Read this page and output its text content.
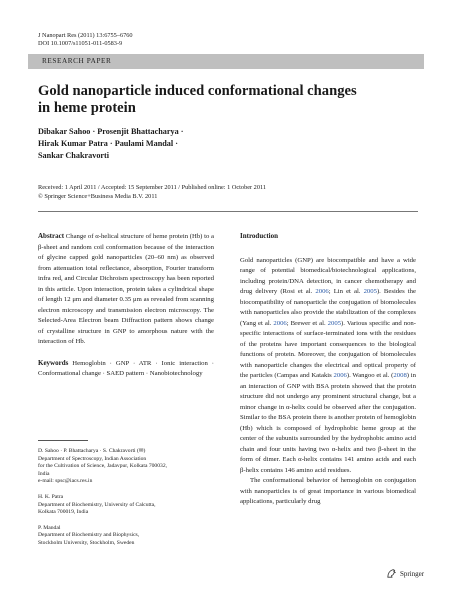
J Nanopart Res (2011) 13:6755–6760
DOI 10.1007/s11051-011-0583-9
RESEARCH PAPER
Gold nanoparticle induced conformational changes
in heme protein
Dibakar Sahoo · Prosenjit Bhattacharya ·
Hirak Kumar Patra · Paulami Mandal ·
Sankar Chakravorti
Received: 1 April 2011 / Accepted: 15 September 2011 / Published online: 1 October 2011
© Springer Science+Business Media B.V. 2011

Abstract Change of α-helical structure of heme protein (Hb) to a β-sheet and random coil conformation because of the interaction of glycine capped gold nanoparticles (20–60 nm) as observed from attenuation total reflectance, absorption, Fourier transform infra red, and Circular Dichroism spectroscopy has been reported in this article. Upon interaction, protein takes a cylindrical shape of length 12 μm and diameter 0.35 μm as revealed from scanning electron microscopy and transmission electron microscopy. The Selected-Area Electron beam Diffraction pattern shows change of crystalline structure in GNP to amorphous nature with the interaction of Hb.

Keywords Hemoglobin · GNP · ATR · Ionic interaction · Conformational change · SAED pattern · Nanobiotechnology

D. Sahoo · P. Bhattacharya · S. Chakravorti (✉)
Department of Spectroscopy, Indian Association
for the Cultivation of Science, Jadavpur, Kolkata 700032,
India
e-mail: spsc@iacs.res.in

H. K. Patra
Department of Biochemistry, University of Calcutta,
Kolkata 700019, India

P. Mandal
Department of Biochemistry and Biophysics,
Stockholm University, Stockholm, Sweden

Introduction

Gold nanoparticles (GNP) are biocompatible and have a wide range of potential biomedical/biotechnological applications, including protein/DNA detection, in cancer chemotherapy and drug delivery (Rosi et al. 2006; Lin et al. 2005). Besides the biocompatibility of nanoparticle the conjugation of biomolecules with nanoparticles also provide the stabilization of the complexes (Yang et al. 2006; Brewer et al. 2005). Various specific and non-specific interactions of surface-terminated ions with the residues of the proteins have important consequences to the biological functions of protein. Moreover, the conjugation of biomolecules with nanoparticle changes the electrical and optical property of the particles (Campas and Katakis 2006). Wangoo et al. (2008) in an interaction of GNP with BSA protein showed that the protein structure did not undergo any prominent structural change, but a minor change in α-helix could be observed after the conjugation. Similar to the BSA protein there is another protein of hemoglobin (Hb) which is composed of hydrophobic heme group at the center of the subunits surrounded by the hydrophobic amino acid chain and four units having two α-helix and two β-sheet in the form of dimer. Each α-helix contains 141 amino acids and each β-helix contains 146 amino acid residues.

The conformational behavior of hemoglobin on conjugation with nanoparticles is of great importance in various biomedical applications, particularly drug

Springer
